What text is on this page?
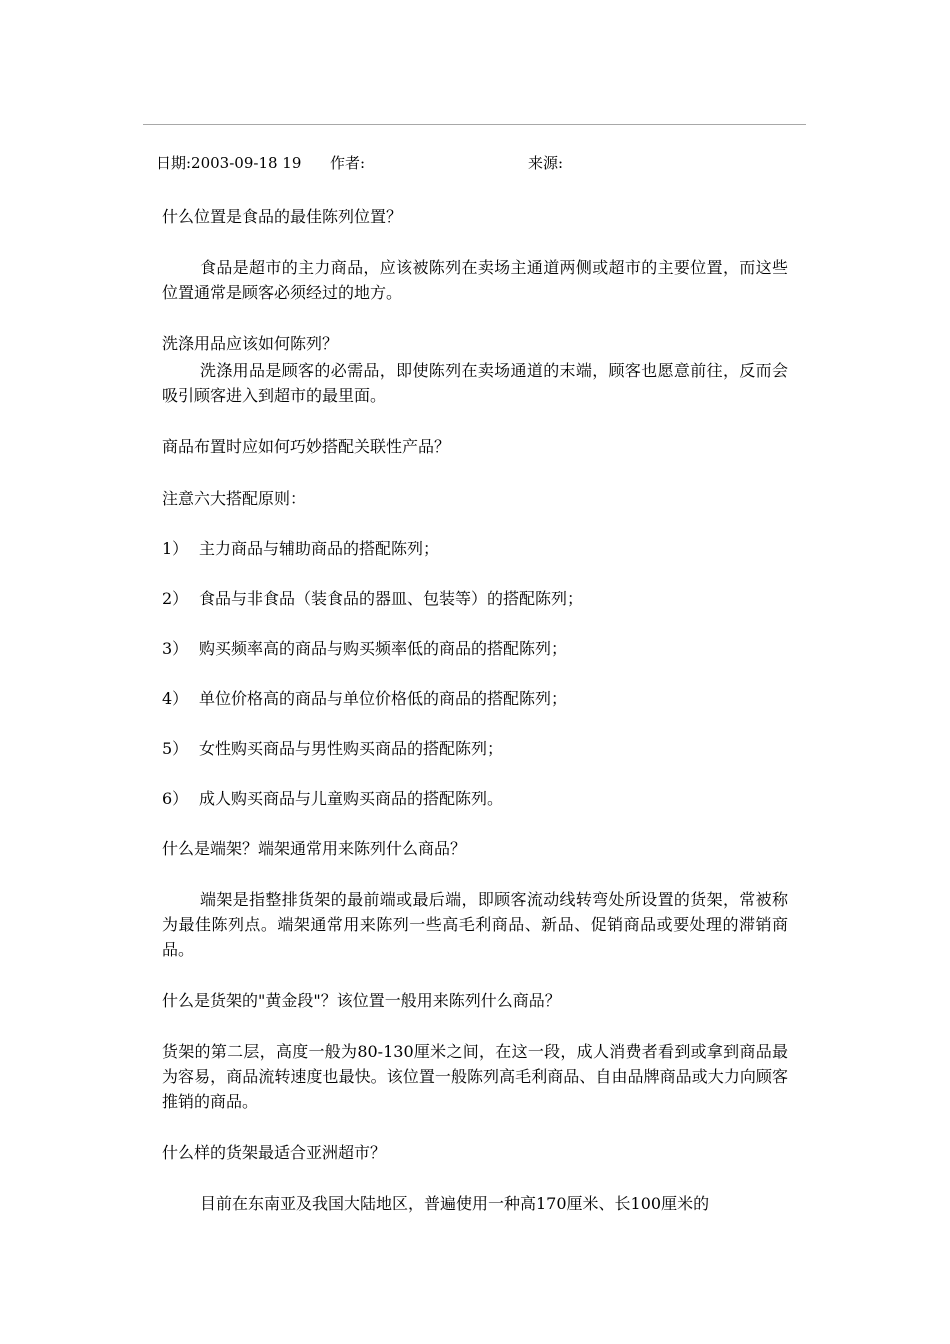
日期:2003-09-18 19 作者:	来源:

什么位置是食品的最佳陈列位置？

食品是超市的主力商品，应该被陈列在卖场主通道两侧或超市的主要位置，而这些位置通常是顾客必须经过的地方。

洗涤用品应该如何陈列？

洗涤用品是顾客的必需品，即使陈列在卖场通道的末端，顾客也愿意前往，反而会吸引顾客进入到超市的最里面。

商品布置时应如何巧妙搭配关联性产品？

注意六大搭配原则：

1） 主力商品与辅助商品的搭配陈列；

2） 食品与非食品（装食品的器皿、包装等）的搭配陈列；

3） 购买频率高的商品与购买频率低的商品的搭配陈列；

4） 单位价格高的商品与单位价格低的商品的搭配陈列；

5） 女性购买商品与男性购买商品的搭配陈列；

6） 成人购买商品与儿童购买商品的搭配陈列。

什么是端架？端架通常用来陈列什么商品？

端架是指整排货架的最前端或最后端，即顾客流动线转弯处所设置的货架，常被称为最佳陈列点。端架通常用来陈列一些高毛利商品、新品、促销商品或要处理的滞销商品。

什么是货架的"黄金段"？该位置一般用来陈列什么商品？

货架的第二层，高度一般为80-130厘米之间，在这一段，成人消费者看到或拿到商品最为容易，商品流转速度也最快。该位置一般陈列高毛利商品、自由品牌商品或大力向顾客推销的商品。

什么样的货架最适合亚洲超市？

目前在东南亚及我国大陆地区，普遍使用一种高170厘米、长100厘米的
